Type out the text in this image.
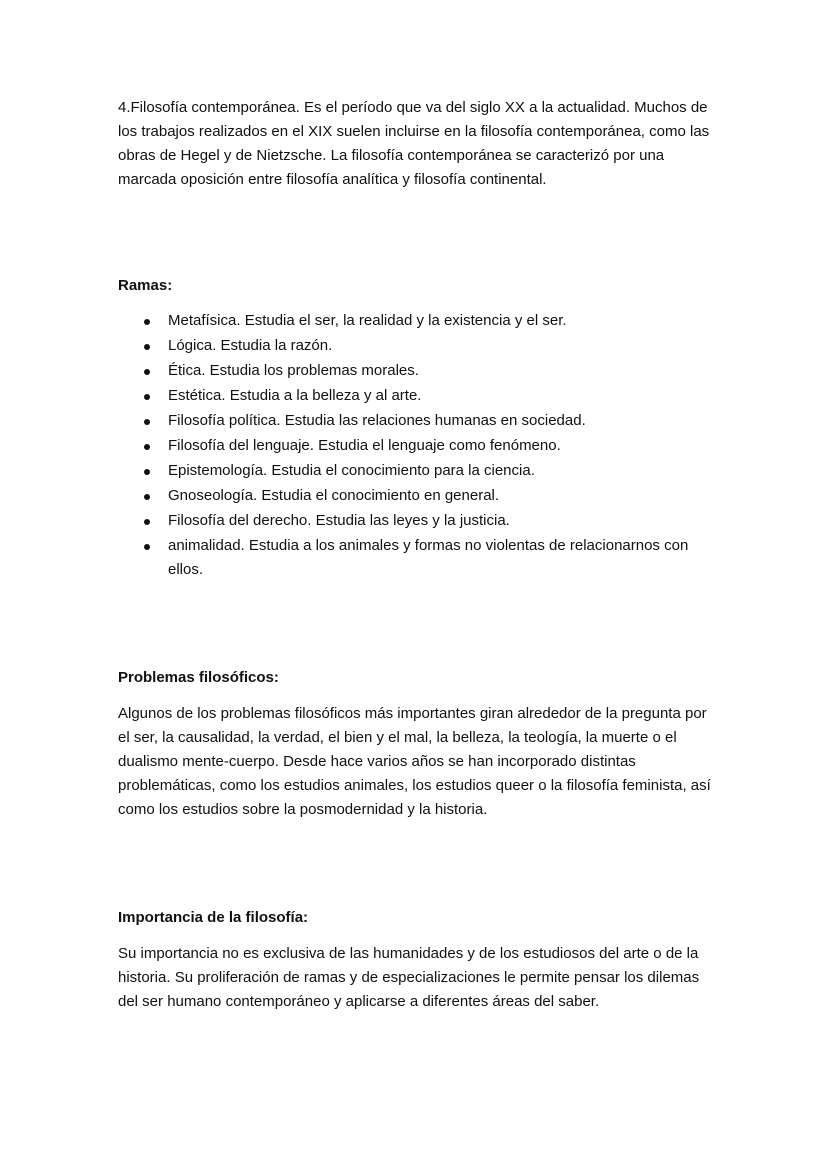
4.Filosofía contemporánea. Es el período que va del siglo XX a la actualidad. Muchos de los trabajos realizados en el XIX suelen incluirse en la filosofía contemporánea, como las obras de Hegel y de Nietzsche. La filosofía contemporánea se caracterizó por una marcada oposición entre filosofía analítica y filosofía continental.

Ramas:

Metafísica. Estudia el ser, la realidad y la existencia y el ser.
Lógica. Estudia la razón.
Ética. Estudia los problemas morales.
Estética. Estudia a la belleza y al arte.
Filosofía política. Estudia las relaciones humanas en sociedad.
Filosofía del lenguaje. Estudia el lenguaje como fenómeno.
Epistemología. Estudia el conocimiento para la ciencia.
Gnoseología. Estudia el conocimiento en general.
Filosofía del derecho. Estudia las leyes y la justicia.
animalidad. Estudia a los animales y formas no violentas de relacionarnos con ellos.

Problemas filosóficos:

Algunos de los problemas filosóficos más importantes giran alrededor de la pregunta por el ser, la causalidad, la verdad, el bien y el mal, la belleza, la teología, la muerte o el dualismo mente-cuerpo. Desde hace varios años se han incorporado distintas problemáticas, como los estudios animales, los estudios queer o la filosofía feminista, así como los estudios sobre la posmodernidad y la historia.

Importancia de la filosofía:

Su importancia no es exclusiva de las humanidades y de los estudiosos del arte o de la historia. Su proliferación de ramas y de especializaciones le permite pensar los dilemas del ser humano contemporáneo y aplicarse a diferentes áreas del saber.
